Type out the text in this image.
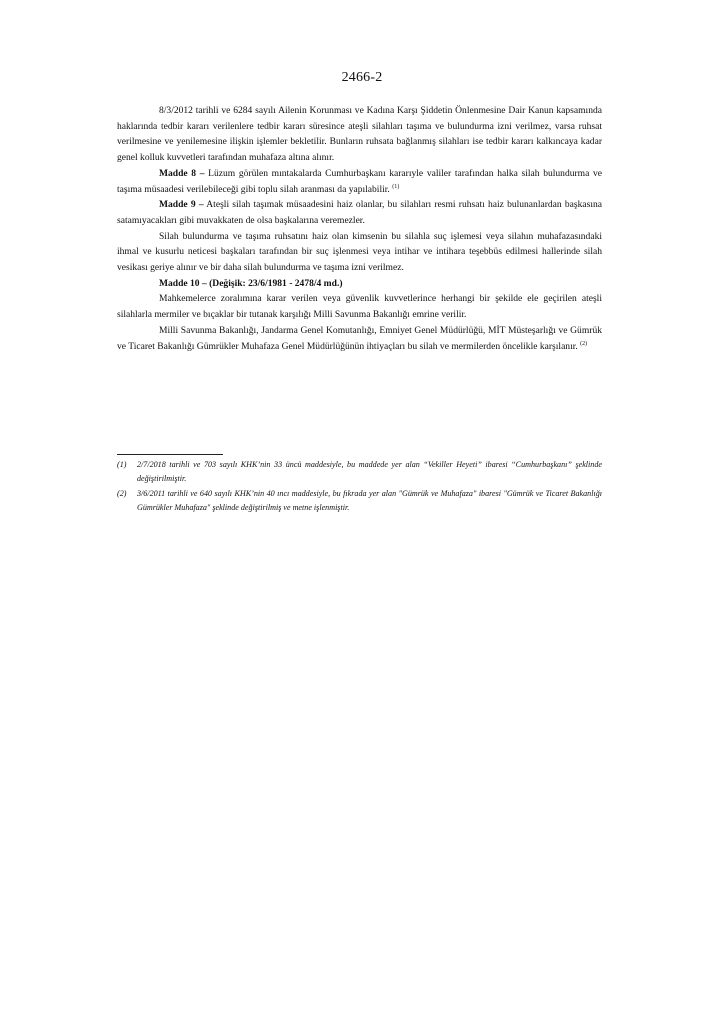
2466-2

8/3/2012 tarihli ve 6284 sayılı Ailenin Korunması ve Kadına Karşı Şiddetin Önlenmesine Dair Kanun kapsamında haklarında tedbir kararı verilenlere tedbir kararı süresince ateşli silahları taşıma ve bulundurma izni verilmez, varsa ruhsat verilmesine ve yenilemesine ilişkin işlemler bekletilir. Bunların ruhsata bağlanmış silahları ise tedbir kararı kalkıncaya kadar genel kolluk kuvvetleri tarafından muhafaza altına alınır.

Madde 8 – Lüzum görülen mıntakalarda Cumhurbaşkanı kararıyle valiler tarafından halka silah bulundurma ve taşıma müsaadesi verilebileceği gibi toplu silah aranması da yapılabilir. $^{(1)}$

Madde 9 – Ateşli silah taşımak müsaadesini haiz olanlar, bu silahları resmi ruhsatı haiz bulunanlardan başkasına satamıyacakları gibi muvakkaten de olsa başkalarına veremezler.

Silah bulundurma ve taşıma ruhsatını haiz olan kimsenin bu silahla suç işlemesi veya silahın muhafazasındaki ihmal ve kusurlu neticesi başkaları tarafından bir suç işlenmesi veya intihar ve intihara teşebbüs edilmesi hallerinde silah vesikası geriye alınır ve bir daha silah bulundurma ve taşıma izni verilmez.

Madde 10 – (Değişik: 23/6/1981 - 2478/4 md.)

Mahkemelerce zoralımına karar verilen veya güvenlik kuvvetlerince herhangi bir şekilde ele geçirilen ateşli silahlarla mermiler ve bıçaklar bir tutanak karşılığı Milli Savunma Bakanlığı emrine verilir.

Milli Savunma Bakanlığı, Jandarma Genel Komutanlığı, Emniyet Genel Müdürlüğü, MİT Müsteşarlığı ve Gümrük ve Ticaret Bakanlığı Gümrükler Muhafaza Genel Müdürlüğünün ihtiyaçları bu silah ve mermilerden öncelikle karşılanır. $^{(2)}$

(1) 2/7/2018 tarihli ve 703 sayılı KHK’nin 33 üncü maddesiyle, bu maddede yer alan “Vekiller Heyeti” ibaresi “Cumhurbaşkanı” şeklinde değiştirilmiştir.

(2) 3/6/2011 tarihli ve 640 sayılı KHK’nin 40 ıncı maddesiyle, bu fıkrada yer alan "Gümrük ve Muhafaza" ibaresi "Gümrük ve Ticaret Bakanlığı Gümrükler Muhafaza" şeklinde değiştirilmiş ve metne işlenmiştir.
